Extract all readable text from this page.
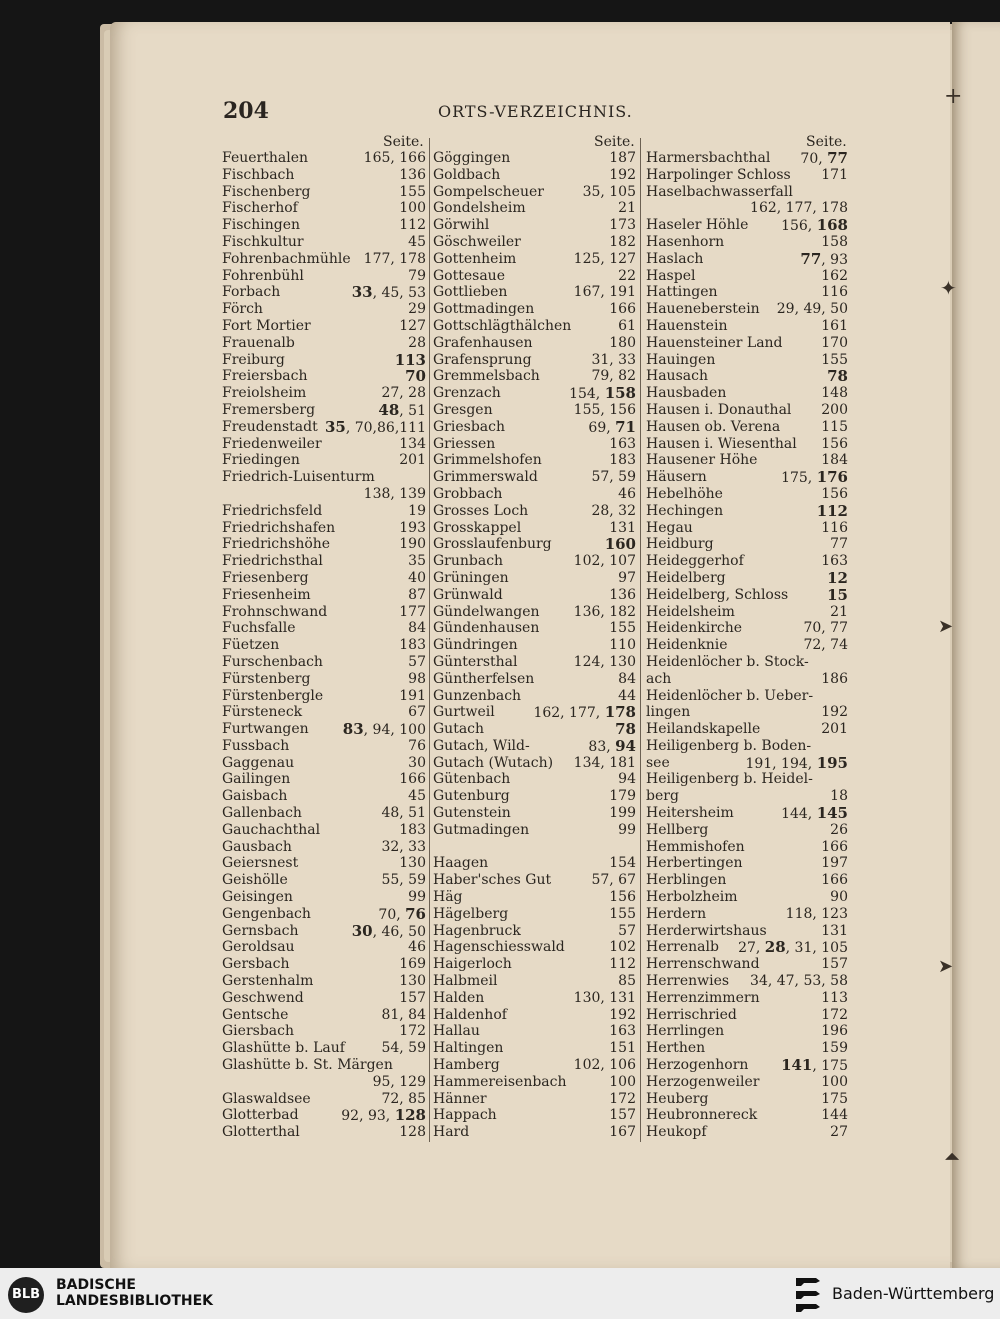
+
✦
➤
➤
⏶
204	ORTS-VERZEICHNIS.
Seite.	Seite.	Seite.
Feuerthalen	165, 166
Fischbach	136
Fischenberg	155
Fischerhof	100
Fischingen	112
Fischkultur	45
Fohrenbachmühle 177, 178
Fohrenbühl	79
Forbach	33, 45, 53
Förch	29
Fort Mortier	127
Frauenalb	28
Freiburg	113
Freiersbach	70
Freiolsheim	27, 28
Fremersberg	48, 51
Freudenstadt 35, 70,86,111
Friedenweiler	134
Friedingen	201
Friedrich-Luisenturm
138, 139
Friedrichsfeld	19
Friedrichshafen	193
Friedrichshöhe	190
Friedrichsthal	35
Friesenberg	40
Friesenheim	87
Frohnschwand	177
Fuchsfalle	84
Füetzen	183
Furschenbach	57
Fürstenberg	98
Fürstenbergle	191
Fürsteneck	67
Furtwangen 83, 94, 100
Fussbach	76
Gaggenau	30
Gailingen	166
Gaisbach	45
Gallenbach	48, 51
Gauchachthal	183
Gausbach	32, 33
Geiersnest	130
Geishölle	55, 59
Geisingen	99
Gengenbach	70, 76
Gernsbach	30, 46, 50
Geroldsau	46
Gersbach	169
Gerstenhalm	130
Geschwend	157
Gentsche	81, 84
Giersbach	172
Glashütte b. Lauf	54, 59
Glashütte b. St. Märgen
95, 129
Glaswaldsee	72, 85
Glotterbad	92, 93, 128
Glotterthal	128
Göggingen	187
Goldbach	192
Gompelscheuer	35, 105
Gondelsheim	21
Görwihl	173
Göschweiler	182
Gottenheim	125, 127
Gottesaue	22
Gottlieben	167, 191
Gottmadingen	166
Gottschlägthälchen	61
Grafenhausen	180
Grafensprung	31, 33
Gremmelsbach	79, 82
Grenzach	154, 158
Gresgen	155, 156
Griesbach	69, 71
Griessen	163
Grimmelshofen	183
Grimmerswald	57, 59
Grobbach	46
Grosses Loch	28, 32
Grosskappel	131
Grosslaufenburg	160
Grunbach	102, 107
Grüningen	97
Grünwald	136
Gündelwangen 136, 182
Gündenhausen	155
Gündringen	110
Güntersthal	124, 130
Güntherfelsen	84
Gunzenbach	44
Gurtweil	162, 177, 178
Gutach	78
Gutach, Wild-	83, 94
Gutach (Wutach) 134, 181
Gütenbach	94
Gutenburg	179
Gutenstein	199
Gutmadingen	99
Haagen	154
Haber'sches Gut	57, 67
Häg	156
Hägelberg	155
Hagenbruck	57
Hagenschiesswald	102
Haigerloch	112
Halbmeil	85
Halden	130, 131
Haldenhof	192
Hallau	163
Haltingen	151
Hamberg	102, 106
Hammereisenbach	100
Hänner	172
Happach	157
Hard	167
Harmersbachthal 70, 77
Harpolinger Schloss 171
Haselbachwasserfall
162, 177, 178
Haseler Höhle 156, 168
Hasenhorn	158
Haslach	77, 93
Haspel	162
Hattingen	116
Haueneberstein 29, 49, 50
Hauenstein	161
Hauensteiner Land	170
Hauingen	155
Hausach	78
Hausbaden	148
Hausen i. Donauthal 200
Hausen ob. Verena	115
Hausen i. Wiesenthal 156
Hausener Höhe	184
Häusern	175, 176
Hebelhöhe	156
Hechingen	112
Hegau	116
Heidburg	77
Heideggerhof	163
Heidelberg	12
Heidelberg, Schloss	15
Heidelsheim	21
Heidenkirche	70, 77
Heidenknie	72, 74
Heidenlöcher b. Stock-
ach	186
Heidenlöcher b. Ueber-
lingen	192
Heilandskapelle	201
Heiligenberg b. Boden-
see	191, 194, 195
Heiligenberg b. Heidel-
berg	18
Heitersheim	144, 145
Hellberg	26
Hemmishofen	166
Herbertingen	197
Herblingen	166
Herbolzheim	90
Herdern	118, 123
Herderwirtshaus	131
Herrenalb 27, 28, 31, 105
Herrenschwand	157
Herrenwies 34, 47, 53, 58
Herrenzimmern	113
Herrischried	172
Herrlingen	196
Herthen	159
Herzogenhorn 141, 175
Herzogenweiler	100
Heuberg	175
Heubronnereck	144
Heukopf	27
BLB
BADISCHE
LANDESBIBLIOTHEK	Baden-Württemberg
